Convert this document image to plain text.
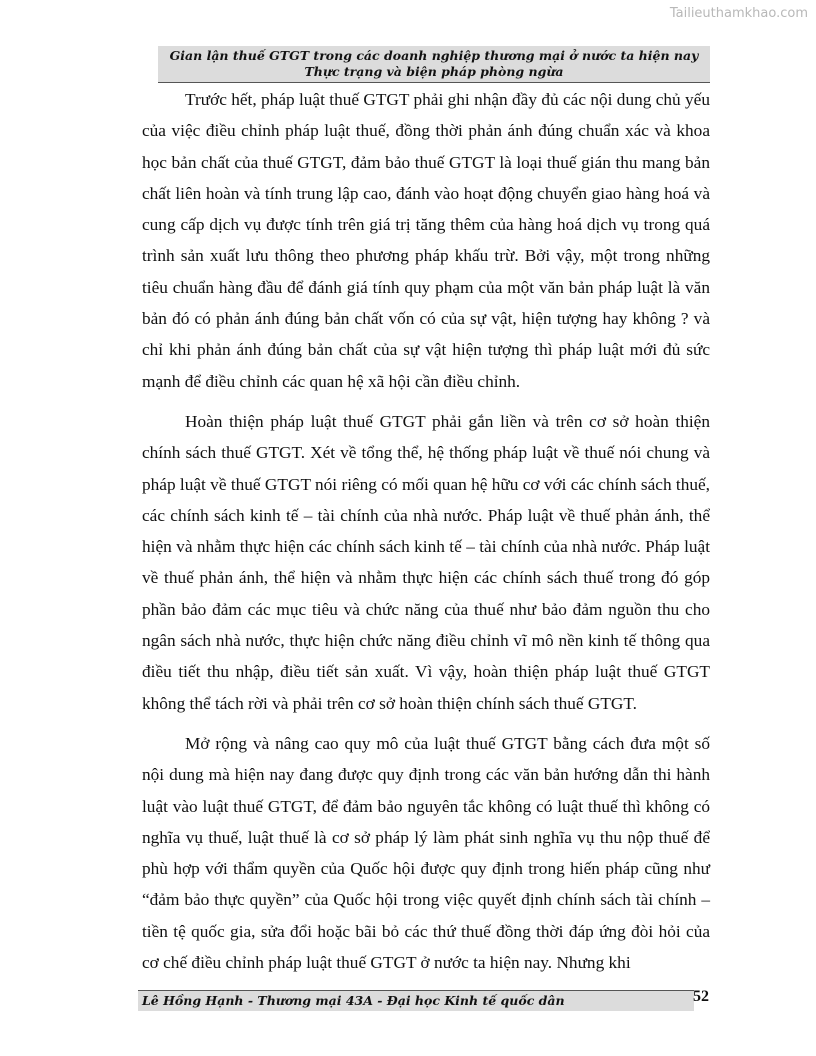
Tailieuthamkhao.com
Gian lận thuế GTGT trong các doanh nghiệp thương mại ở nước ta hiện nay
Thực trạng và biện pháp phòng ngừa

Trước hết, pháp luật thuế GTGT phải ghi nhận đầy đủ các nội dung chủ yếu của việc điều chỉnh pháp luật thuế, đồng thời phản ánh đúng chuẩn xác và khoa học bản chất của thuế GTGT, đảm bảo thuế GTGT là loại thuế gián thu mang bản chất liên hoàn và tính trung lập cao, đánh vào hoạt động chuyển giao hàng hoá và cung cấp dịch vụ được tính trên giá trị tăng thêm của hàng hoá dịch vụ trong quá trình sản xuất lưu thông theo phương pháp khấu trừ. Bởi vậy, một trong những tiêu chuẩn hàng đầu để đánh giá tính quy phạm của một văn bản pháp luật là văn bản đó có phản ánh đúng bản chất vốn có của sự vật, hiện tượng hay không ? và chỉ khi phản ánh đúng bản chất của sự vật hiện tượng thì pháp luật mới đủ sức mạnh để điều chỉnh các quan hệ xã hội cần điều chỉnh.

Hoàn thiện pháp luật thuế GTGT phải gắn liền và trên cơ sở hoàn thiện chính sách thuế GTGT. Xét về tổng thể, hệ thống pháp luật về thuế nói chung và pháp luật về thuế GTGT nói riêng có mối quan hệ hữu cơ với các chính sách thuế, các chính sách kinh tế – tài chính của nhà nước. Pháp luật về thuế phản ánh, thể hiện và nhằm thực hiện các chính sách kinh tế – tài chính của nhà nước. Pháp luật về thuế phản ánh, thể hiện và nhằm thực hiện các chính sách thuế trong đó góp phần bảo đảm các mục tiêu và chức năng của thuế như bảo đảm nguồn thu cho ngân sách nhà nước, thực hiện chức năng điều chỉnh vĩ mô nền kinh tế thông qua điều tiết thu nhập, điều tiết sản xuất. Vì vậy, hoàn thiện pháp luật thuế GTGT không thể tách rời và phải trên cơ sở hoàn thiện chính sách thuế GTGT.

Mở rộng và nâng cao quy mô của luật thuế GTGT bằng cách đưa một số nội dung mà hiện nay đang được quy định trong các văn bản hướng dẫn thi hành luật vào luật thuế GTGT, để đảm bảo nguyên tắc không có luật thuế thì không có nghĩa vụ thuế, luật thuế là cơ sở pháp lý làm phát sinh nghĩa vụ thu nộp thuế để phù hợp với thẩm quyền của Quốc hội được quy định trong hiến pháp cũng như “đảm bảo thực quyền” của Quốc hội trong việc quyết định chính sách tài chính – tiền tệ quốc gia, sửa đổi hoặc bãi bỏ các thứ thuế đồng thời đáp ứng đòi hỏi của cơ chế điều chỉnh pháp luật thuế GTGT ở nước ta hiện nay. Nhưng khi

Lê Hồng Hạnh - Thương mại 43A - Đại học Kinh tế quốc dân	52
